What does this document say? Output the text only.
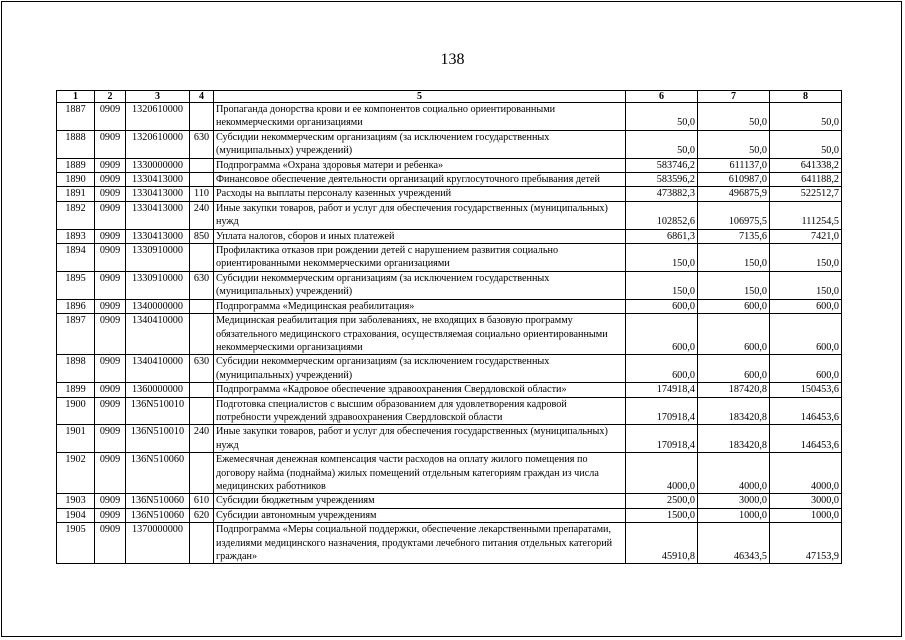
138
1	2	3	4	5	6	7	8
1887	0909	1320610000		Пропаганда донорства крови и ее компонентов социально ориентированными некоммерческими организациями	50,0	50,0	50,0
1888	0909	1320610000	630	Субсидии некоммерческим организациям (за исключением государственных (муниципальных) учреждений)	50,0	50,0	50,0
1889	0909	1330000000		Подпрограмма «Охрана здоровья матери и ребенка»	583746,2	611137,0	641338,2
1890	0909	1330413000		Финансовое обеспечение деятельности организаций круглосуточного пребывания детей	583596,2	610987,0	641188,2
1891	0909	1330413000	110	Расходы на выплаты персоналу казенных учреждений	473882,3	496875,9	522512,7
1892	0909	1330413000	240	Иные закупки товаров, работ и услуг для обеспечения государственных (муниципальных) нужд	102852,6	106975,5	111254,5
1893	0909	1330413000	850	Уплата налогов, сборов и иных платежей	6861,3	7135,6	7421,0
1894	0909	1330910000		Профилактика отказов при рождении детей с нарушением развития социально ориентированными некоммерческими организациями	150,0	150,0	150,0
1895	0909	1330910000	630	Субсидии некоммерческим организациям (за исключением государственных (муниципальных) учреждений)	150,0	150,0	150,0
1896	0909	1340000000		Подпрограмма «Медицинская реабилитация»	600,0	600,0	600,0
1897	0909	1340410000		Медицинская реабилитация при заболеваниях, не входящих в базовую программу обязательного медицинского страхования, осуществляемая социально ориентированными некоммерческими организациями	600,0	600,0	600,0
1898	0909	1340410000	630	Субсидии некоммерческим организациям (за исключением государственных (муниципальных) учреждений)	600,0	600,0	600,0
1899	0909	1360000000		Подпрограмма «Кадровое обеспечение здравоохранения Свердловской области»	174918,4	187420,8	150453,6
1900	0909	136N510010		Подготовка специалистов с высшим образованием для удовлетворения кадровой потребности учреждений здравоохранения Свердловской области	170918,4	183420,8	146453,6
1901	0909	136N510010	240	Иные закупки товаров, работ и услуг для обеспечения государственных (муниципальных) нужд	170918,4	183420,8	146453,6
1902	0909	136N510060		Ежемесячная денежная компенсация части расходов на оплату жилого помещения по договору найма (поднайма) жилых помещений отдельным категориям граждан из числа медицинских работников	4000,0	4000,0	4000,0
1903	0909	136N510060	610	Субсидии бюджетным учреждениям	2500,0	3000,0	3000,0
1904	0909	136N510060	620	Субсидии автономным учреждениям	1500,0	1000,0	1000,0
1905	0909	1370000000		Подпрограмма «Меры социальной поддержки, обеспечение лекарственными препаратами, изделиями медицинского назначения, продуктами лечебного питания отдельных категорий граждан»	45910,8	46343,5	47153,9
